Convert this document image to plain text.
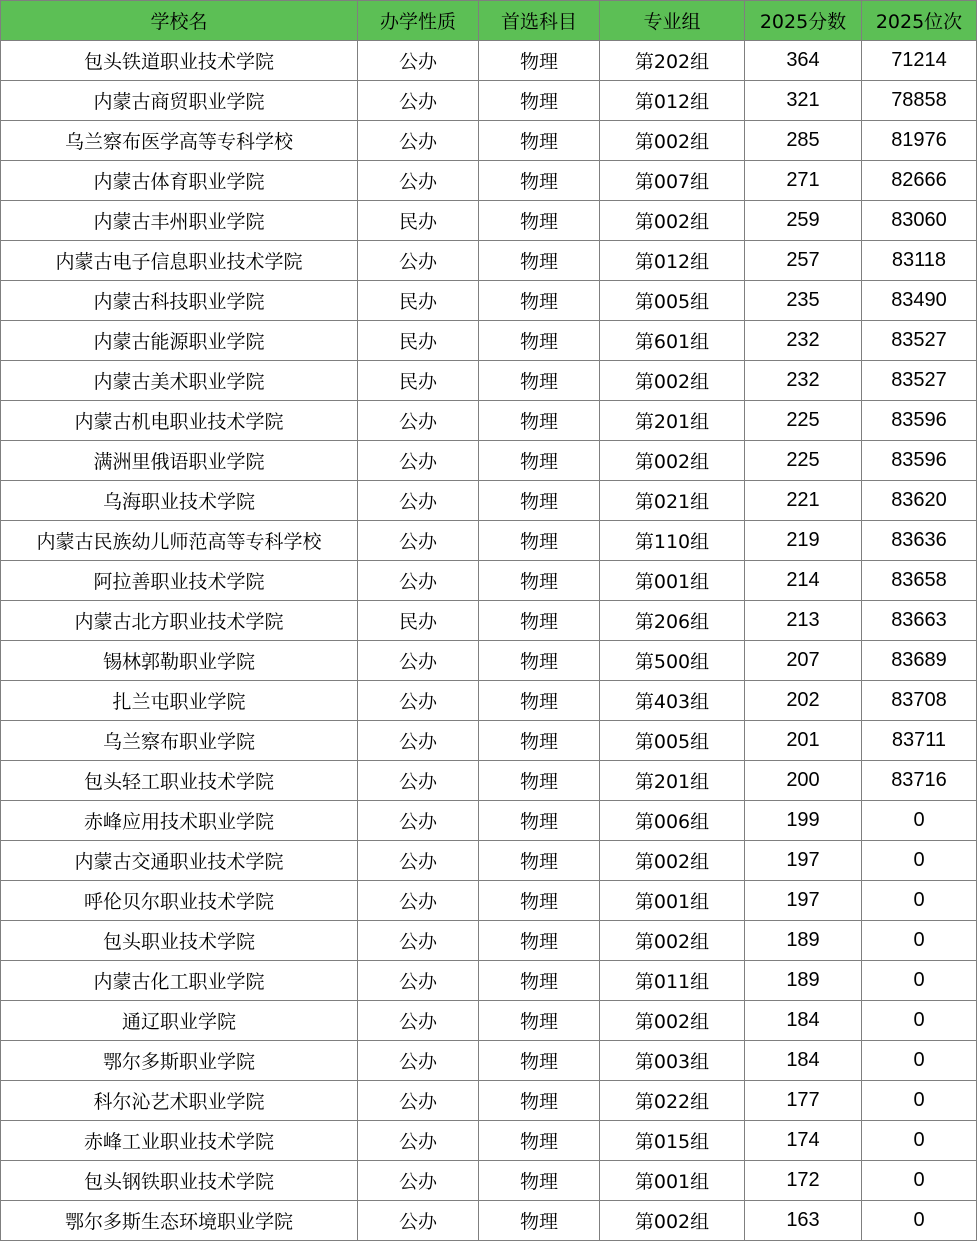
学校名	办学性质	首选科目	专业组	2025分数	2025位次
包头铁道职业技术学院	公办	物理	第202组	364	71214
内蒙古商贸职业学院	公办	物理	第012组	321	78858
乌兰察布医学高等专科学校	公办	物理	第002组	285	81976
内蒙古体育职业学院	公办	物理	第007组	271	82666
内蒙古丰州职业学院	民办	物理	第002组	259	83060
内蒙古电子信息职业技术学院	公办	物理	第012组	257	83118
内蒙古科技职业学院	民办	物理	第005组	235	83490
内蒙古能源职业学院	民办	物理	第601组	232	83527
内蒙古美术职业学院	民办	物理	第002组	232	83527
内蒙古机电职业技术学院	公办	物理	第201组	225	83596
满洲里俄语职业学院	公办	物理	第002组	225	83596
乌海职业技术学院	公办	物理	第021组	221	83620
内蒙古民族幼儿师范高等专科学校	公办	物理	第110组	219	83636
阿拉善职业技术学院	公办	物理	第001组	214	83658
内蒙古北方职业技术学院	民办	物理	第206组	213	83663
锡林郭勒职业学院	公办	物理	第500组	207	83689
扎兰屯职业学院	公办	物理	第403组	202	83708
乌兰察布职业学院	公办	物理	第005组	201	83711
包头轻工职业技术学院	公办	物理	第201组	200	83716
赤峰应用技术职业学院	公办	物理	第006组	199	0
内蒙古交通职业技术学院	公办	物理	第002组	197	0
呼伦贝尔职业技术学院	公办	物理	第001组	197	0
包头职业技术学院	公办	物理	第002组	189	0
内蒙古化工职业学院	公办	物理	第011组	189	0
通辽职业学院	公办	物理	第002组	184	0
鄂尔多斯职业学院	公办	物理	第003组	184	0
科尔沁艺术职业学院	公办	物理	第022组	177	0
赤峰工业职业技术学院	公办	物理	第015组	174	0
包头钢铁职业技术学院	公办	物理	第001组	172	0
鄂尔多斯生态环境职业学院	公办	物理	第002组	163	0
